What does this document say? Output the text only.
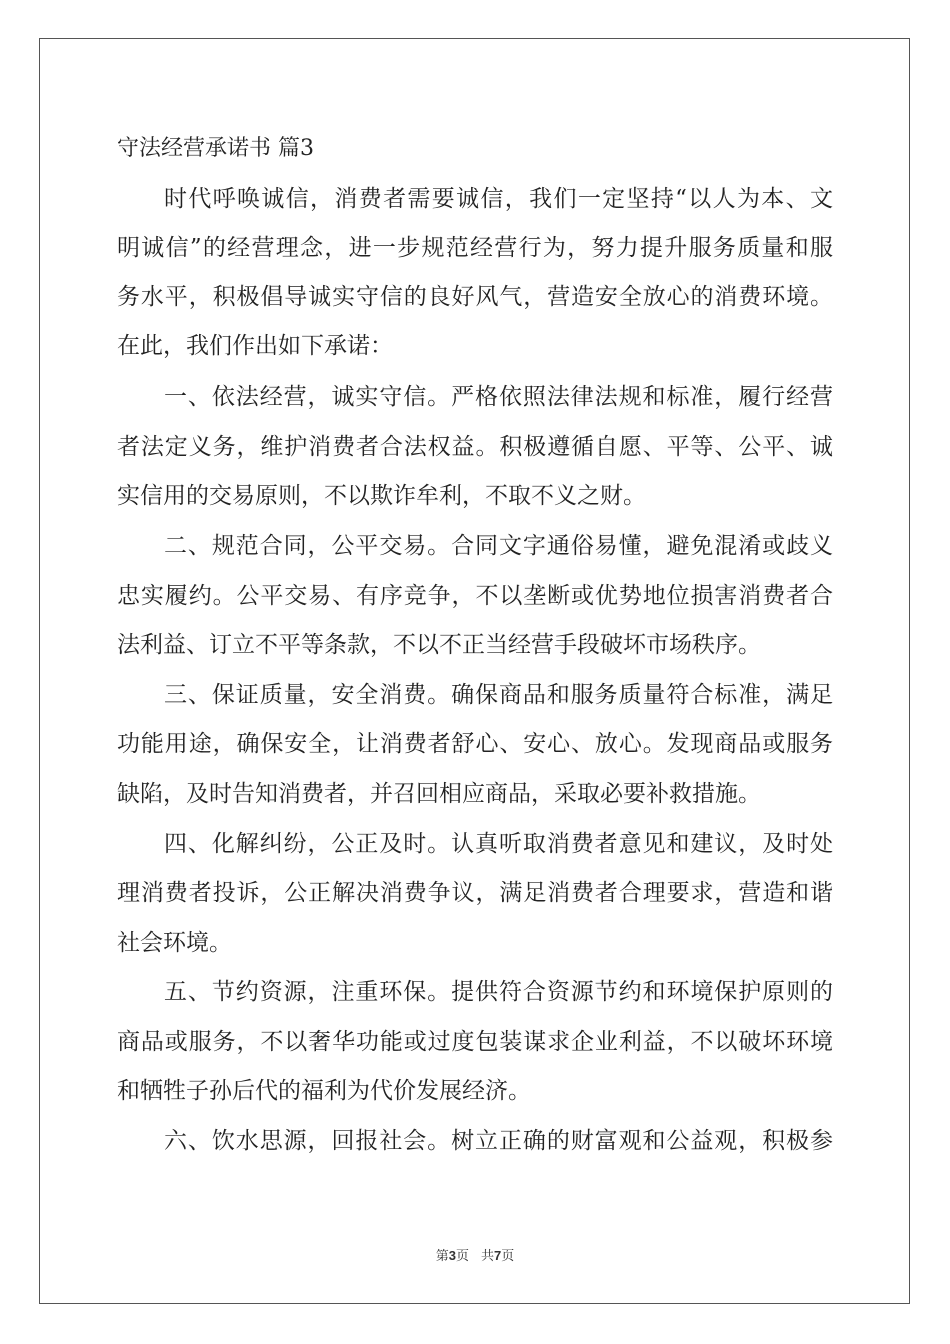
守法经营承诺书 篇3
时代呼唤诚信，消费者需要诚信，我们一定坚持“以人为本、文
明诚信”的经营理念，进一步规范经营行为，努力提升服务质量和服
务水平，积极倡导诚实守信的良好风气，营造安全放心的消费环境。
在此，我们作出如下承诺：
一、依法经营，诚实守信。严格依照法律法规和标准，履行经营
者法定义务，维护消费者合法权益。积极遵循自愿、平等、公平、诚
实信用的交易原则，不以欺诈牟利，不取不义之财。
二、规范合同，公平交易。合同文字通俗易懂，避免混淆或歧义
忠实履约。公平交易、有序竞争，不以垄断或优势地位损害消费者合
法利益、订立不平等条款，不以不正当经营手段破坏市场秩序。
三、保证质量，安全消费。确保商品和服务质量符合标准，满足
功能用途，确保安全，让消费者舒心、安心、放心。发现商品或服务
缺陷，及时告知消费者，并召回相应商品，采取必要补救措施。
四、化解纠纷，公正及时。认真听取消费者意见和建议，及时处
理消费者投诉，公正解决消费争议，满足消费者合理要求，营造和谐
社会环境。
五、节约资源，注重环保。提供符合资源节约和环境保护原则的
商品或服务，不以奢华功能或过度包装谋求企业利益，不以破坏环境
和牺牲子孙后代的福利为代价发展经济。
六、饮水思源，回报社会。树立正确的财富观和公益观，积极参
第3页 共7页
